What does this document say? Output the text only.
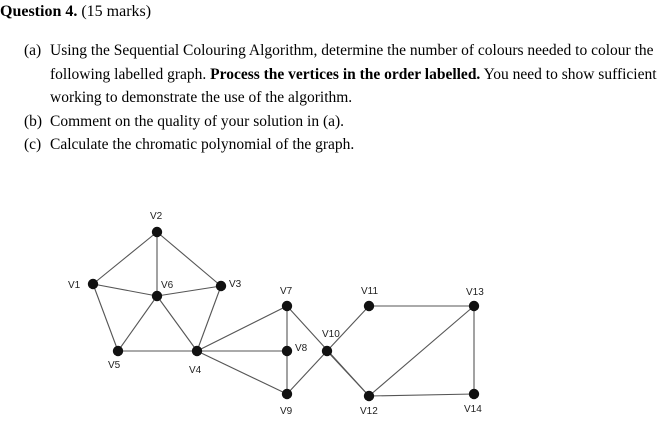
Question 4. (15 marks)
(a) Using the Sequential Colouring Algorithm, determine the number of colours needed to colour the following labelled graph. Process the vertices in the order labelled. You need to show sufficient working to demonstrate the use of the algorithm.
(b) Comment on the quality of your solution in (a).
(c) Calculate the chromatic polynomial of the graph.
V1
V2
V3
V4
V5
V6
V7
V8
V9
V10
V11
V12
V13
V14
